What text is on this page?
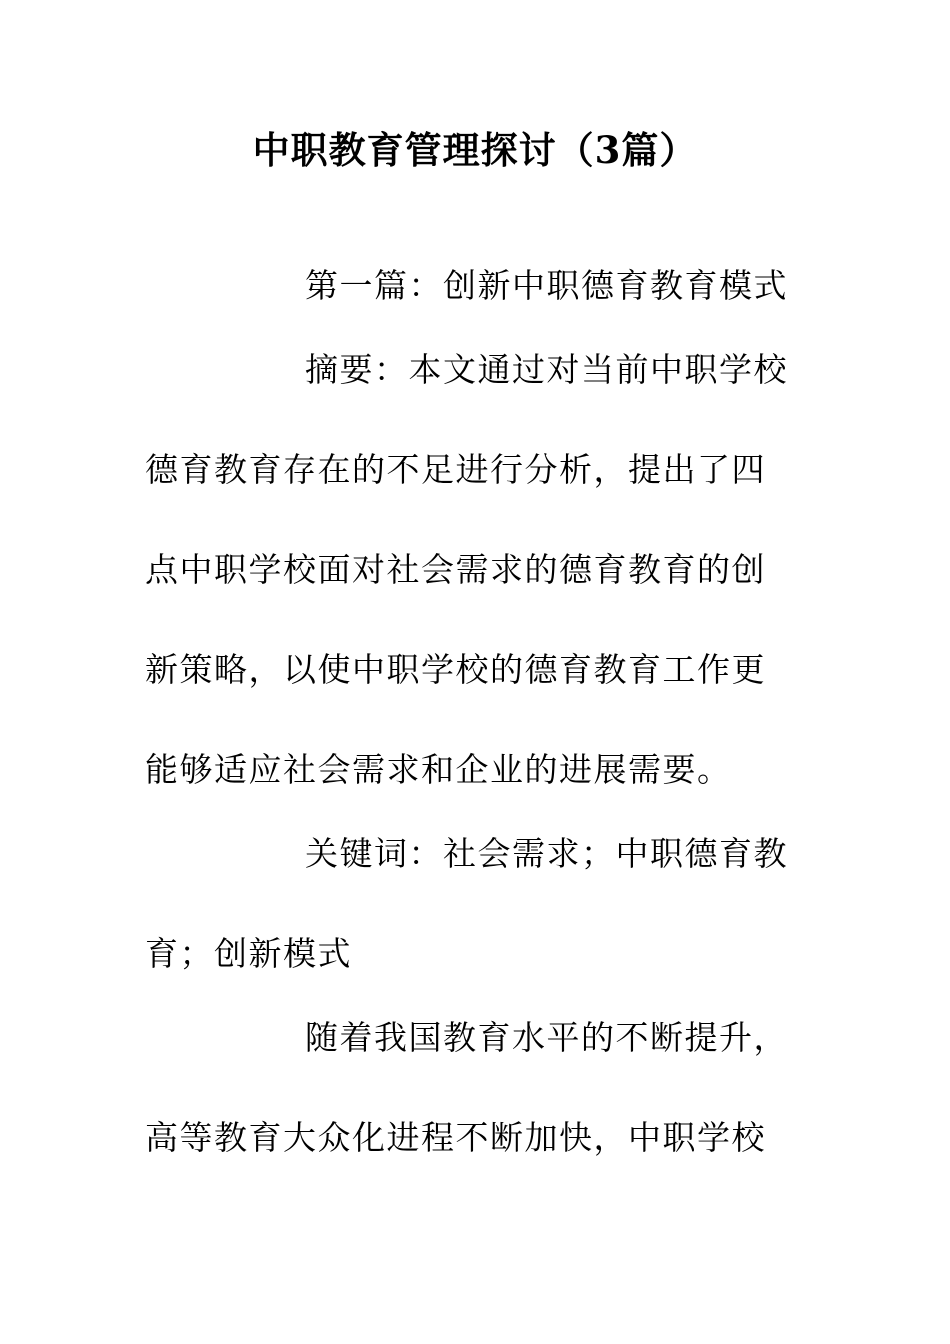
中职教育管理探讨（3篇）
第一篇：创新中职德育教育模式
摘要：本文通过对当前中职学校
德育教育存在的不足进行分析，提出了四
点中职学校面对社会需求的德育教育的创
新策略，以使中职学校的德育教育工作更
能够适应社会需求和企业的进展需要。
关键词：社会需求；中职德育教
育；创新模式
随着我国教育水平的不断提升，
高等教育大众化进程不断加快，中职学校
